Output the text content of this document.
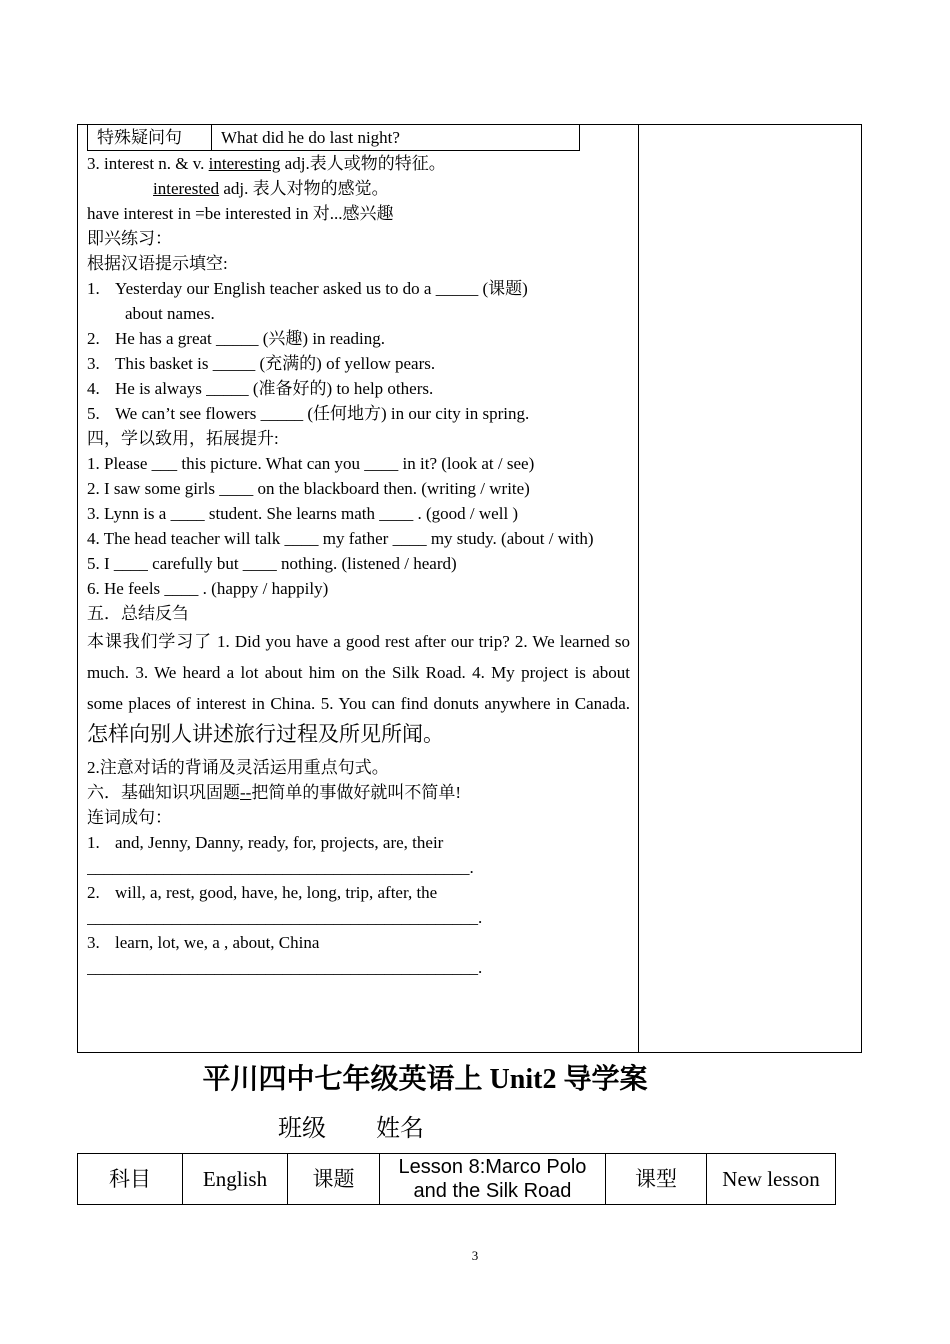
特殊疑问句	What did he do last night?
3. interest n. & v. interesting adj.表人或物的特征。
interested adj. 表人对物的感觉。
have interest in =be interested in 对...感兴趣
即兴练习：
根据汉语提示填空:
1. Yesterday our English teacher asked us to do a _____ (课题)
about names.
2. He has a great _____ (兴趣) in reading.
3. This basket is _____ (充满的) of yellow pears.
4. He is always _____ (准备好的) to help others.
5. We can’t see flowers _____ (任何地方) in our city in spring.
四，学以致用，拓展提升:
1. Please ___ this picture. What can you ____ in it? (look at / see)
2. I saw some girls ____ on the blackboard then. (writing / write)
3. Lynn is a ____ student. She learns math ____ . (good / well )
4. The head teacher will talk ____ my father ____ my study. (about / with)
5. I ____ carefully but ____ nothing. (listened / heard)
6. He feels ____ . (happy / happily)
五．总结反刍
本课我们学习了 1. Did you have a good rest after our trip? 2. We learned so much. 3. We heard a lot about him on the Silk Road. 4. My project is about some places of interest in China. 5. You can find donuts anywhere in Canada.怎样向别人讲述旅行过程及所见所闻。
2.注意对话的背诵及灵活运用重点句式。
六．基础知识巩固题--把简单的事做好就叫不简单!
连词成句：
1. and, Jenny, Danny, ready, for, projects, are, their
_____________________________________________.
2. will, a, rest, good, have, he, long, trip, after, the
______________________________________________.
3. learn, lot, we, a , about, China
______________________________________________.
平川四中七年级英语上 Unit2 导学案
班级 姓名
科目	English	课题	Lesson 8:Marco Polo and the Silk Road	课型	New lesson
3
